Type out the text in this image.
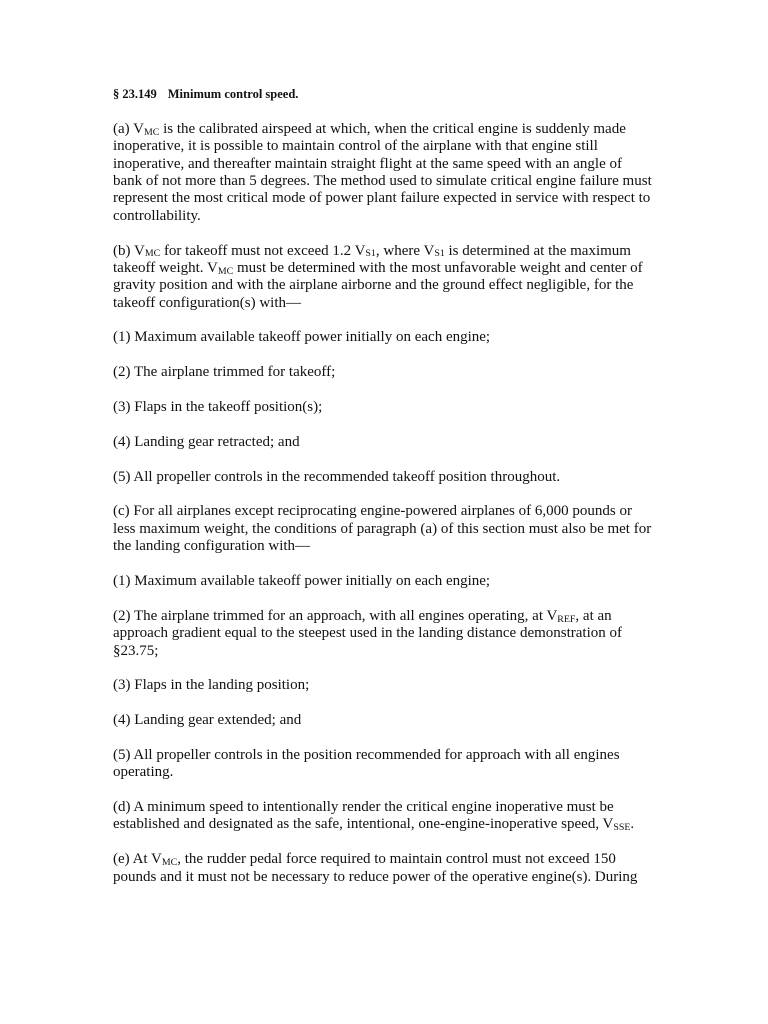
§ 23.149 Minimum control speed.
(a) VMC is the calibrated airspeed at which, when the critical engine is suddenly made
inoperative, it is possible to maintain control of the airplane with that engine still
inoperative, and thereafter maintain straight flight at the same speed with an angle of
bank of not more than 5 degrees. The method used to simulate critical engine failure must
represent the most critical mode of power plant failure expected in service with respect to
controllability.
(b) VMC for takeoff must not exceed 1.2 VS1, where VS1 is determined at the maximum
takeoff weight. VMC must be determined with the most unfavorable weight and center of
gravity position and with the airplane airborne and the ground effect negligible, for the
takeoff configuration(s) with—
(1) Maximum available takeoff power initially on each engine;
(2) The airplane trimmed for takeoff;
(3) Flaps in the takeoff position(s);
(4) Landing gear retracted; and
(5) All propeller controls in the recommended takeoff position throughout.
(c) For all airplanes except reciprocating engine-powered airplanes of 6,000 pounds or
less maximum weight, the conditions of paragraph (a) of this section must also be met for
the landing configuration with—
(1) Maximum available takeoff power initially on each engine;
(2) The airplane trimmed for an approach, with all engines operating, at VREF, at an
approach gradient equal to the steepest used in the landing distance demonstration of
§23.75;
(3) Flaps in the landing position;
(4) Landing gear extended; and
(5) All propeller controls in the position recommended for approach with all engines
operating.
(d) A minimum speed to intentionally render the critical engine inoperative must be
established and designated as the safe, intentional, one-engine-inoperative speed, VSSE.
(e) At VMC, the rudder pedal force required to maintain control must not exceed 150
pounds and it must not be necessary to reduce power of the operative engine(s). During
